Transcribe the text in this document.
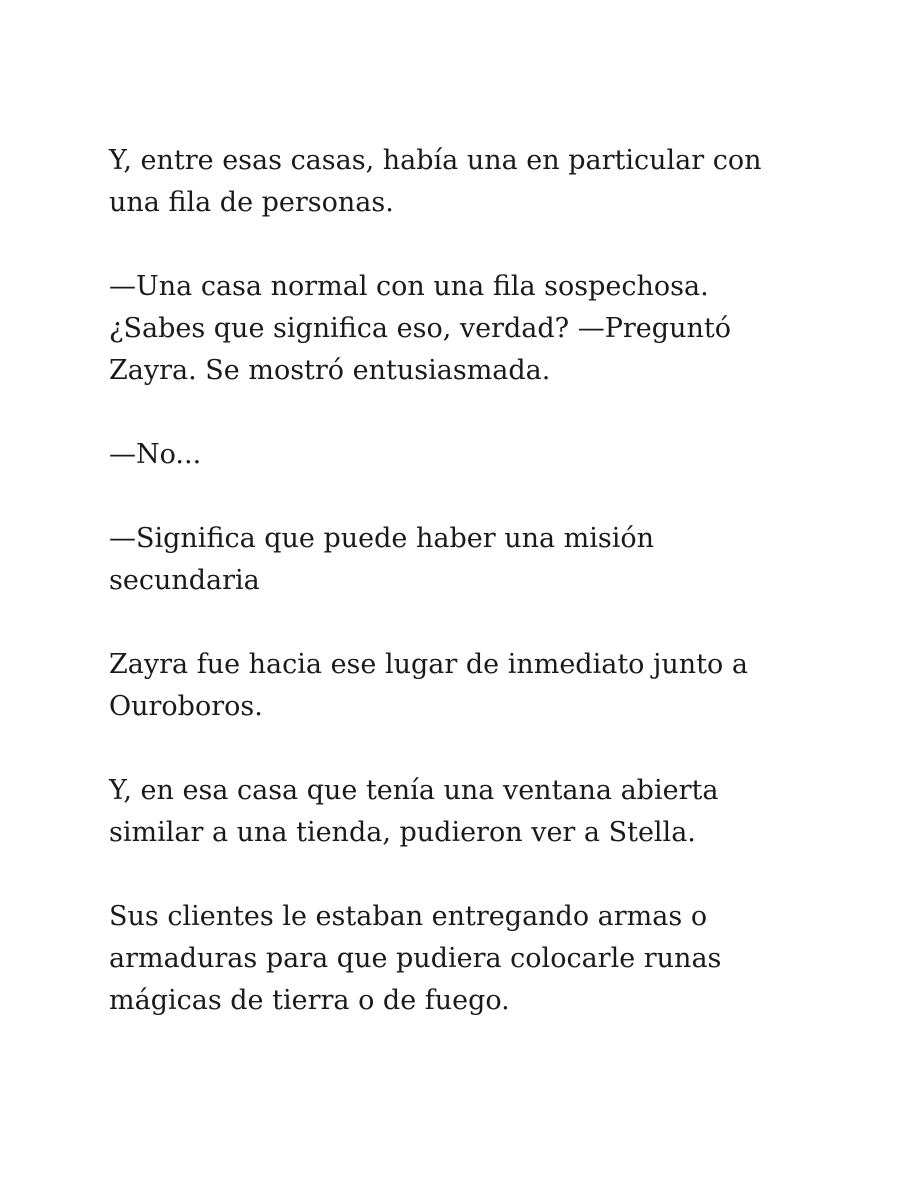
Y, entre esas casas, había una en particular con
una fila de personas.

—Una casa normal con una fila sospechosa.
¿Sabes que significa eso, verdad? —Preguntó
Zayra. Se mostró entusiasmada.

—No...

—Significa que puede haber una misión
secundaria

Zayra fue hacia ese lugar de inmediato junto a
Ouroboros.

Y, en esa casa que tenía una ventana abierta
similar a una tienda, pudieron ver a Stella.

Sus clientes le estaban entregando armas o
armaduras para que pudiera colocarle runas
mágicas de tierra o de fuego.
